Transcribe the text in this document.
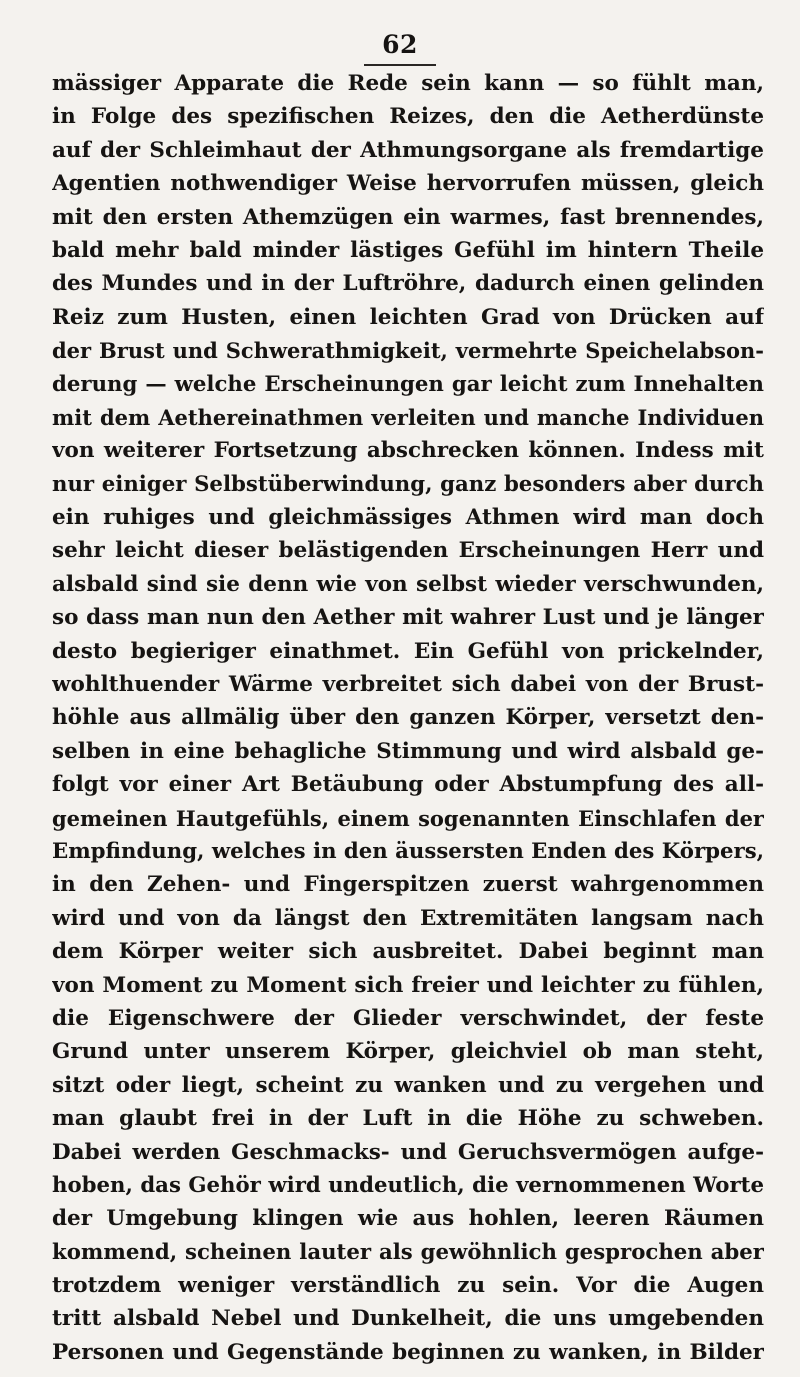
62
mässiger Apparate die Rede sein kann — so fühlt man,
in Folge des spezifischen Reizes, den die Aetherdünste
auf der Schleimhaut der Athmungsorgane als fremdartige
Agentien nothwendiger Weise hervorrufen müssen, gleich
mit den ersten Athemzügen ein warmes, fast brennendes,
bald mehr bald minder lästiges Gefühl im hintern Theile
des Mundes und in der Luftröhre, dadurch einen gelinden
Reiz zum Husten, einen leichten Grad von Drücken auf
der Brust und Schwerathmigkeit, vermehrte Speichelabson-
derung — welche Erscheinungen gar leicht zum Innehalten
mit dem Aethereinathmen verleiten und manche Individuen
von weiterer Fortsetzung abschrecken können. Indess mit
nur einiger Selbstüberwindung, ganz besonders aber durch
ein ruhiges und gleichmässiges Athmen wird man doch
sehr leicht dieser belästigenden Erscheinungen Herr und
alsbald sind sie denn wie von selbst wieder verschwunden,
so dass man nun den Aether mit wahrer Lust und je länger
desto begieriger einathmet. Ein Gefühl von prickelnder,
wohlthuender Wärme verbreitet sich dabei von der Brust-
höhle aus allmälig über den ganzen Körper, versetzt den-
selben in eine behagliche Stimmung und wird alsbald ge-
folgt vor einer Art Betäubung oder Abstumpfung des all-
gemeinen Hautgefühls, einem sogenannten Einschlafen der
Empfindung, welches in den äussersten Enden des Körpers,
in den Zehen- und Fingerspitzen zuerst wahrgenommen
wird und von da längst den Extremitäten langsam nach
dem Körper weiter sich ausbreitet. Dabei beginnt man
von Moment zu Moment sich freier und leichter zu fühlen,
die Eigenschwere der Glieder verschwindet, der feste
Grund unter unserem Körper, gleichviel ob man steht,
sitzt oder liegt, scheint zu wanken und zu vergehen und
man glaubt frei in der Luft in die Höhe zu schweben.
Dabei werden Geschmacks- und Geruchsvermögen aufge-
hoben, das Gehör wird undeutlich, die vernommenen Worte
der Umgebung klingen wie aus hohlen, leeren Räumen
kommend, scheinen lauter als gewöhnlich gesprochen aber
trotzdem weniger verständlich zu sein. Vor die Augen
tritt alsbald Nebel und Dunkelheit, die uns umgebenden
Personen und Gegenstände beginnen zu wanken, in Bilder
